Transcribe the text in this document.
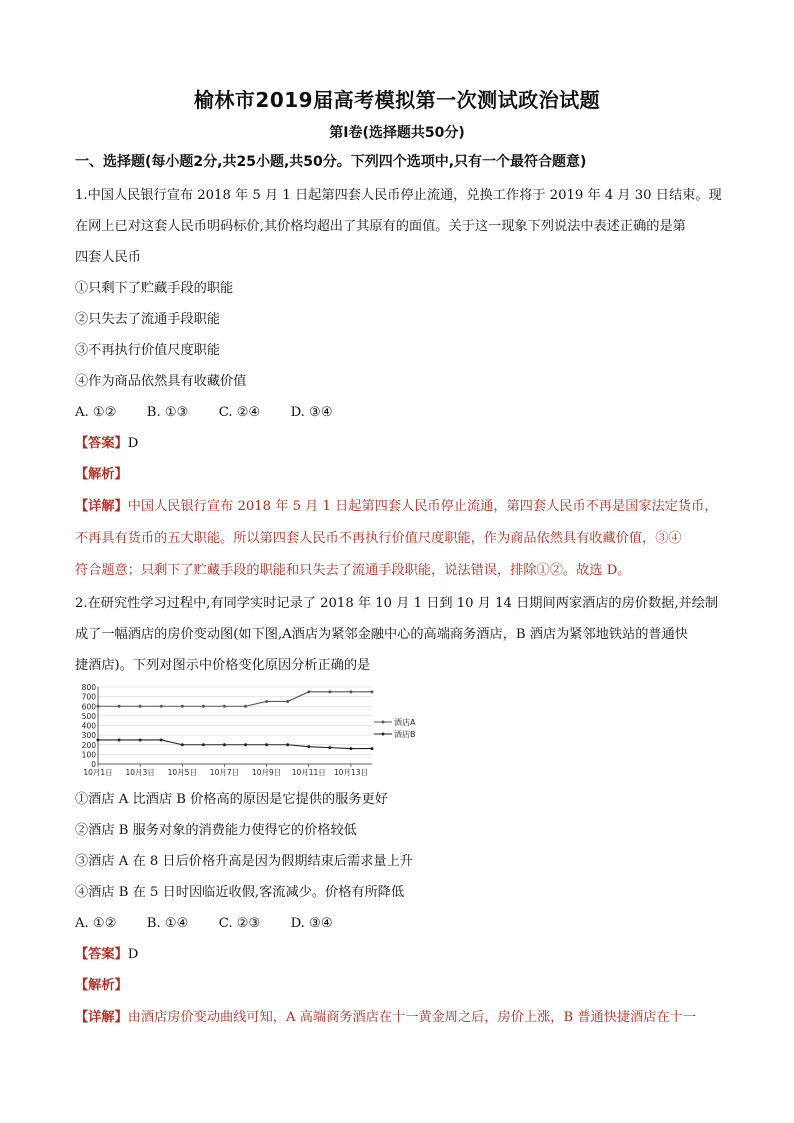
榆林市2019届高考模拟第一次测试政治试题
第Ⅰ卷(选择题共50分)
一、选择题(每小题2分,共25小题,共50分。下列四个选项中,只有一个最符合题意)
1.中国人民银行宣布 2018 年 5 月 1 日起第四套人民币停止流通，兑换工作将于 2019 年 4 月 30 日结束。现
在网上已对这套人民币明码标价,其价格均超出了其原有的面值。关于这一现象下列说法中表述正确的是第
四套人民币
①只剩下了贮藏手段的职能
②只失去了流通手段职能
③不再执行价值尺度职能
④作为商品依然具有收藏价值
A. ①② B. ①③ C. ②④ D. ③④
【答案】D
【解析】
【详解】中国人民银行宣布 2018 年 5 月 1 日起第四套人民币停止流通，第四套人民币不再是国家法定货币，
不再具有货币的五大职能。所以第四套人民币不再执行价值尺度职能，作为商品依然具有收藏价值，③④
符合题意；只剩下了贮藏手段的职能和只失去了流通手段职能，说法错误，排除①②。故选 D。
2.在研究性学习过程中,有同学实时记录了 2018 年 10 月 1 日到 10 月 14 日期间两家酒店的房价数据,并绘制
成了一幅酒店的房价变动图(如下图,A酒店为紧邻金融中心的高端商务酒店，B 酒店为紧邻地铁站的普通快
捷酒店)。下列对图示中价格变化原因分析正确的是
800
700
600
500
400
300
200
100
0
10月1日 10月3日 10月5日 10月7日 10月9日 10月11日 10月13日
酒店A
酒店B
①酒店 A 比酒店 B 价格高的原因是它提供的服务更好
②酒店 B 服务对象的消费能力使得它的价格较低
③酒店 A 在 8 日后价格升高是因为假期结束后需求量上升
④酒店 B 在 5 日时因临近收假,客流减少。价格有所降低
A. ①② B. ①④ C. ②③ D. ③④
【答案】D
【解析】
【详解】由酒店房价变动曲线可知，A 高端商务酒店在十一黄金周之后，房价上涨，B 普通快捷酒店在十一
